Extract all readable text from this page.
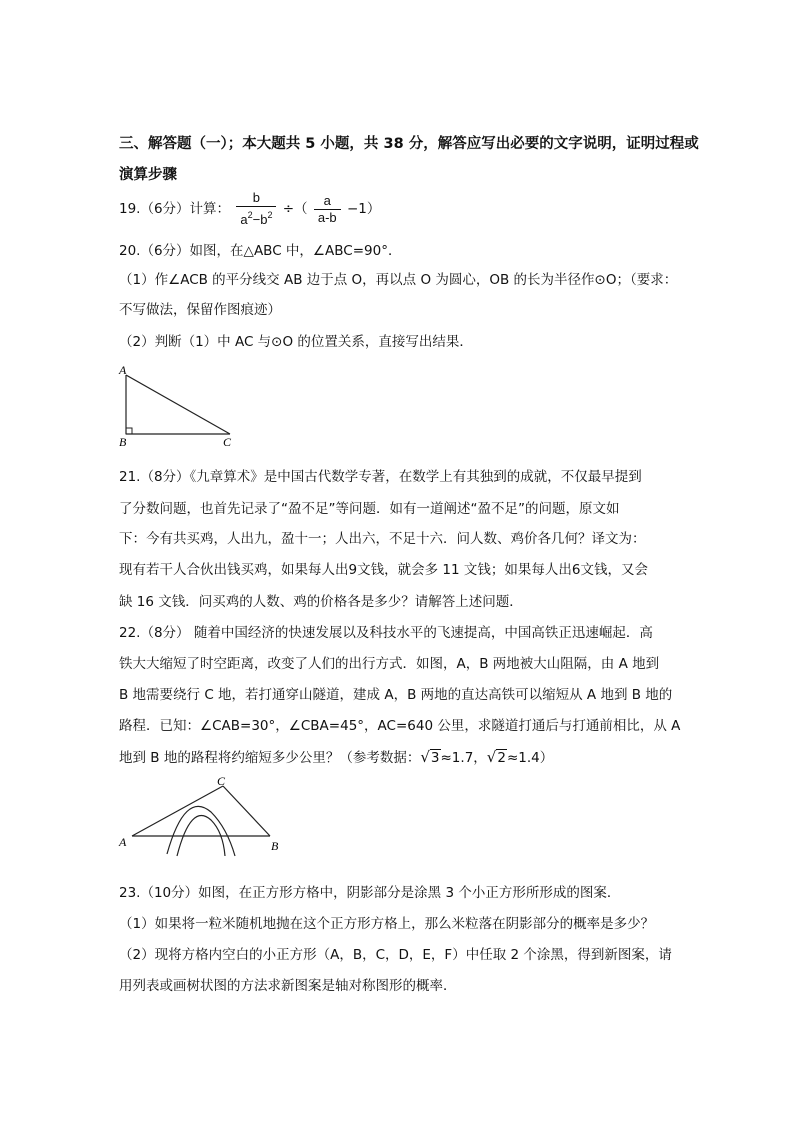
三、解答题（一）；本大题共 5 小题，共 38 分，解答应写出必要的文字说明，证明过程或
演算步骤
19.（6分）计算： $\frac{b}{a^2-b^2}$ ÷（ $\frac{a}{a-b} -1$）
20.（6分）如图，在△ABC 中，∠ABC=90°．
（1）作∠ACB 的平分线交 AB 边于点 O，再以点 O 为圆心，OB 的长为半径作⊙O；（要求：
不写做法，保留作图痕迹）
（2）判断（1）中 AC 与⊙O 的位置关系，直接写出结果．
A
B	C
21.（8分）《九章算术》是中国古代数学专著，在数学上有其独到的成就，不仅最早提到
了分数问题，也首先记录了“盈不足”等问题．如有一道阐述“盈不足”的问题，原文如
下：今有共买鸡，人出九，盈十一；人出六，不足十六．问人数、鸡价各几何？译文为：
现有若干人合伙出钱买鸡，如果每人出9文钱，就会多 11 文钱；如果每人出6文钱，又会
缺 16 文钱．问买鸡的人数、鸡的价格各是多少？请解答上述问题．
22.（8分） 随着中国经济的快速发展以及科技水平的飞速提高，中国高铁正迅速崛起．高
铁大大缩短了时空距离，改变了人们的出行方式．如图，A，B 两地被大山阻隔，由 A 地到
B 地需要绕行 C 地，若打通穿山隧道，建成 A，B 两地的直达高铁可以缩短从 A 地到 B 地的
路程．已知：∠CAB=30°，∠CBA=45°，AC=640 公里，求隧道打通后与打通前相比，从 A
地到 B 地的路程将约缩短多少公里？（参考数据：√3≈1.7，√2≈1.4）
A	B
C
23.（10分）如图，在正方形方格中，阴影部分是涂黑 3 个小正方形所形成的图案．
（1）如果将一粒米随机地抛在这个正方形方格上，那么米粒落在阴影部分的概率是多少？
（2）现将方格内空白的小正方形（A，B，C，D，E，F）中任取 2 个涂黑，得到新图案，请
用列表或画树状图的方法求新图案是轴对称图形的概率．
